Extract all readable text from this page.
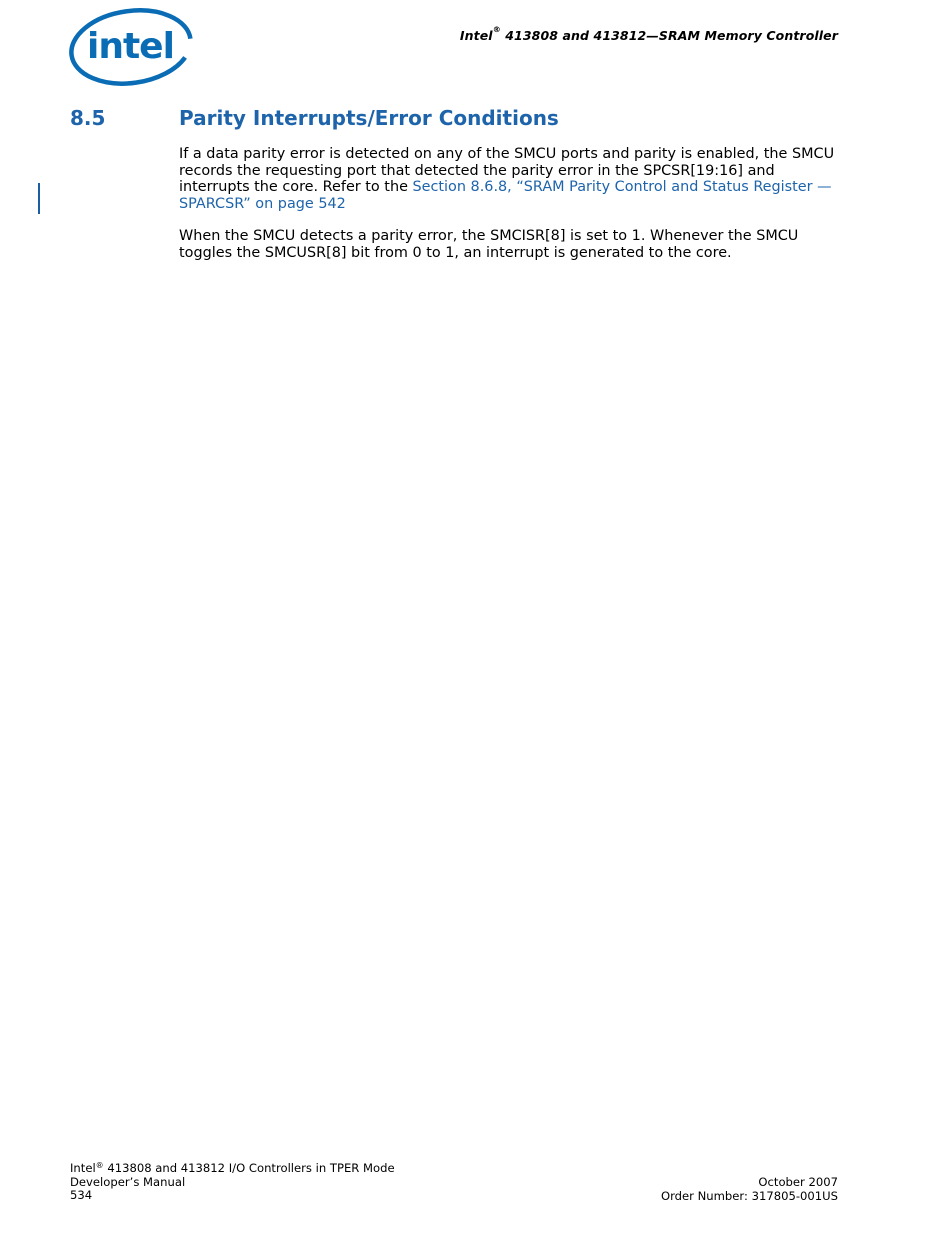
intel	Intel® 413808 and 413812—SRAM Memory Controller
8.5	Parity Interrupts/Error Conditions

If a data parity error is detected on any of the SMCU ports and parity is enabled, the SMCU records the requesting port that detected the parity error in the SPCSR[19:16] and interrupts the core. Refer to the Section 8.6.8, “SRAM Parity Control and Status Register — SPARCSR” on page 542

When the SMCU detects a parity error, the SMCISR[8] is set to 1. Whenever the SMCU toggles the SMCUSR[8] bit from 0 to 1, an interrupt is generated to the core.

Intel® 413808 and 413812 I/O Controllers in TPER Mode
Developer’s Manual
534
October 2007
Order Number: 317805-001US
